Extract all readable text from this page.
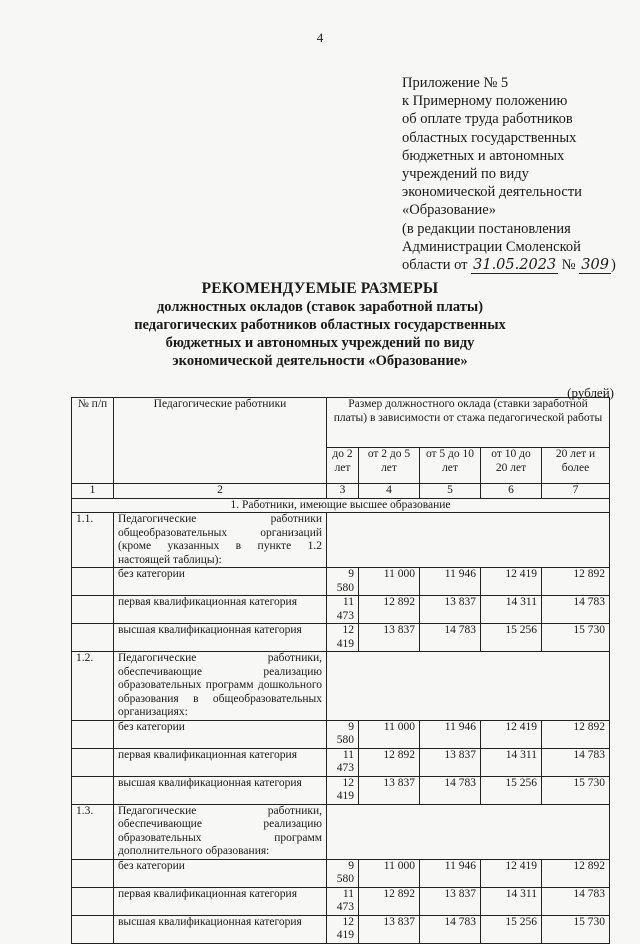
4
Приложение № 5
к Примерному положению
об оплате труда работников
областных государственных
бюджетных и автономных
учреждений по виду
экономической деятельности
«Образование»
(в редакции постановления
Администрации Смоленской
области от 31.05.2023 № 309 )
РЕКОМЕНДУЕМЫЕ РАЗМЕРЫ
должностных окладов (ставок заработной платы)
педагогических работников областных государственных
бюджетных и автономных учреждений по виду
экономической деятельности «Образование»
(рублей)
№ п/п	Педагогические работники	Размер должностного оклада (ставки заработной платы) в зависимости от стажа педагогической работы				
		до 2 лет	от 2 до 5 лет	от 5 до 10 лет	от 10 до 20 лет	20 лет и более
1	2	3	4	5	6	7
1. Работники, имеющие высшее образование						
1.1.	Педагогические работники общеобразовательных организаций (кроме указанных в пункте 1.2 настоящей таблицы):					
	без категории	9 580	11 000	11 946	12 419	12 892
	первая квалификационная категория	11 473	12 892	13 837	14 311	14 783
	высшая квалификационная категория	12 419	13 837	14 783	15 256	15 730
1.2.	Педагогические работники, обеспечивающие реализацию образовательных программ дошкольного образования в общеобразовательных организациях:					
	без категории	9 580	11 000	11 946	12 419	12 892
	первая квалификационная категория	11 473	12 892	13 837	14 311	14 783
	высшая квалификационная категория	12 419	13 837	14 783	15 256	15 730
1.3.	Педагогические работники, обеспечивающие реализацию образовательных программ дополнительного образования:					
	без категории	9 580	11 000	11 946	12 419	12 892
	первая квалификационная категория	11 473	12 892	13 837	14 311	14 783
	высшая квалификационная категория	12 419	13 837	14 783	15 256	15 730
